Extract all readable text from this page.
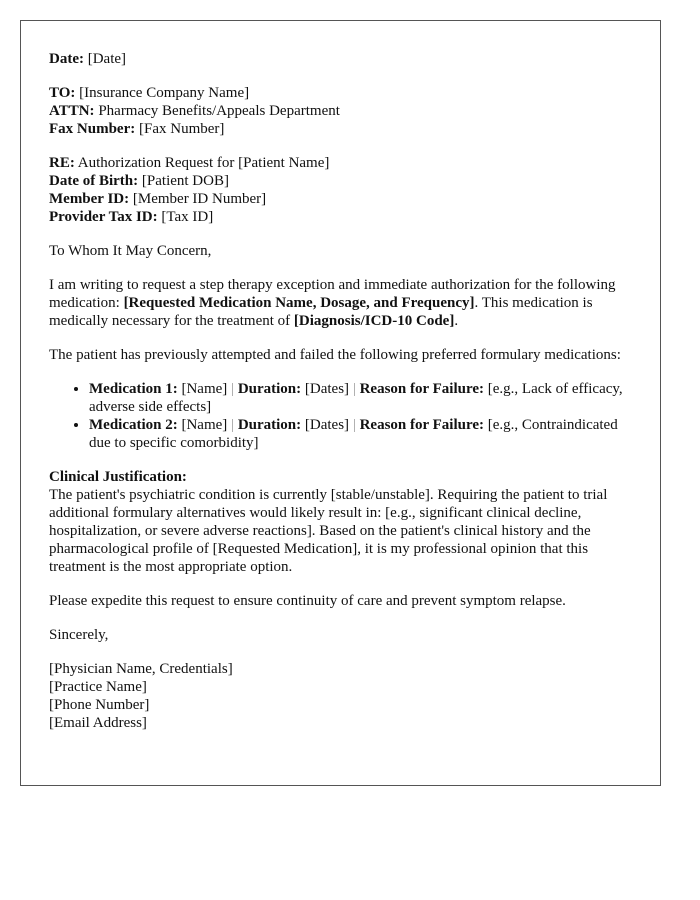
Date: [Date]

TO: [Insurance Company Name]
ATTN: Pharmacy Benefits/Appeals Department
Fax Number: [Fax Number]

RE: Authorization Request for [Patient Name]
Date of Birth: [Patient DOB]
Member ID: [Member ID Number]
Provider Tax ID: [Tax ID]

To Whom It May Concern,

I am writing to request a step therapy exception and immediate authorization for the following medication: [Requested Medication Name, Dosage, and Frequency]. This medication is medically necessary for the treatment of [Diagnosis/ICD-10 Code].

The patient has previously attempted and failed the following preferred formulary medications:

• Medication 1: [Name] | Duration: [Dates] | Reason for Failure: [e.g., Lack of efficacy, adverse side effects]
• Medication 2: [Name] | Duration: [Dates] | Reason for Failure: [e.g., Contraindicated due to specific comorbidity]

Clinical Justification:
The patient's psychiatric condition is currently [stable/unstable]. Requiring the patient to trial additional formulary alternatives would likely result in: [e.g., significant clinical decline, hospitalization, or severe adverse reactions]. Based on the patient's clinical history and the pharmacological profile of [Requested Medication], it is my professional opinion that this treatment is the most appropriate option.

Please expedite this request to ensure continuity of care and prevent symptom relapse.

Sincerely,

[Physician Name, Credentials]
[Practice Name]
[Phone Number]
[Email Address]
